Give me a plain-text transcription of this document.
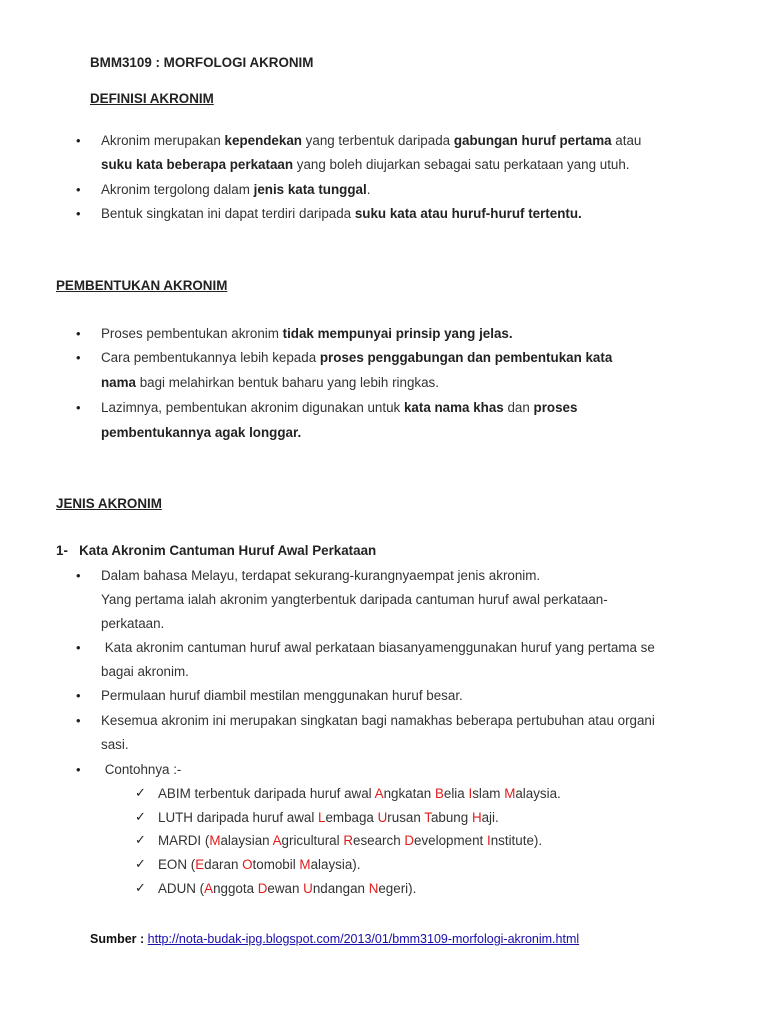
BMM3109 : MORFOLOGI AKRONIM
DEFINISI AKRONIM
• Akronim merupakan kependekan yang terbentuk daripada gabungan huruf pertama atau
suku kata beberapa perkataan yang boleh diujarkan sebagai satu perkataan yang utuh.
• Akronim tergolong dalam jenis kata tunggal.
• Bentuk singkatan ini dapat terdiri daripada suku kata atau huruf-huruf tertentu.
PEMBENTUKAN AKRONIM
• Proses pembentukan akronim tidak mempunyai prinsip yang jelas.
• Cara pembentukannya lebih kepada proses penggabungan dan pembentukan kata
nama bagi melahirkan bentuk baharu yang lebih ringkas.
• Lazimnya, pembentukan akronim digunakan untuk kata nama khas dan proses
pembentukannya agak longgar.
JENIS AKRONIM
1-   Kata Akronim Cantuman Huruf Awal Perkataan
• Dalam bahasa Melayu, terdapat sekurang-kurangnyaempat jenis akronim.
Yang pertama ialah akronim yangterbentuk daripada cantuman huruf awal perkataan-
perkataan.
• Kata akronim cantuman huruf awal perkataan biasanyamenggunakan huruf yang pertama se
bagai akronim.
• Permulaan huruf diambil mestilan menggunakan huruf besar.
• Kesemua akronim ini merupakan singkatan bagi namakhas beberapa pertubuhan atau organi
sasi.
• Contohnya :-
✓ ABIM terbentuk daripada huruf awal Angkatan Belia Islam Malaysia.
✓ LUTH daripada huruf awal Lembaga Urusan Tabung Haji.
✓ MARDI (Malaysian Agricultural Research Development Institute).
✓ EON (Edaran Otomobil Malaysia).
✓ ADUN (Anggota Dewan Undangan Negeri).
Sumber : http://nota-budak-ipg.blogspot.com/2013/01/bmm3109-morfologi-akronim.html
